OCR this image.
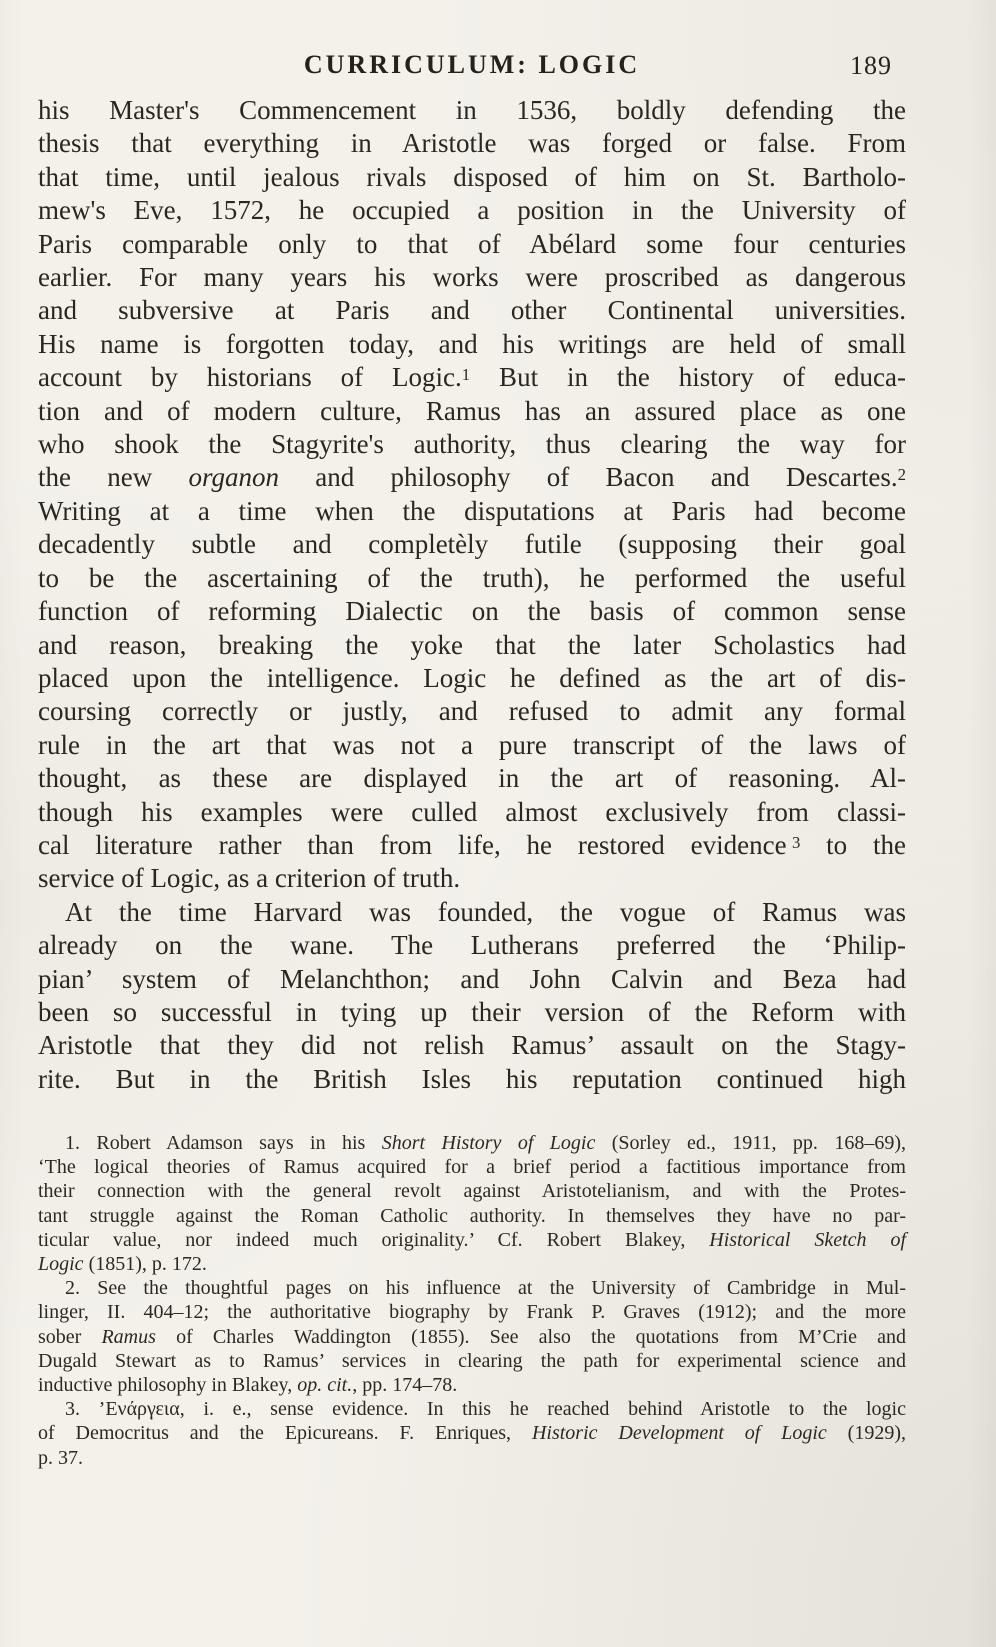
CURRICULUM: LOGIC	189
his Master's Commencement in 1536, boldly defending the
thesis that everything in Aristotle was forged or false. From
that time, until jealous rivals disposed of him on St. Bartholo-
mew's Eve, 1572, he occupied a position in the University of
Paris comparable only to that of Abélard some four centuries
earlier. For many years his works were proscribed as dangerous
and subversive at Paris and other Continental universities.
His name is forgotten today, and his writings are held of small
account by historians of Logic.$^1$ But in the history of educa-
tion and of modern culture, Ramus has an assured place as one
who shook the Stagyrite's authority, thus clearing the way for
the new organon and philosophy of Bacon and Descartes.$^2$
Writing at a time when the disputations at Paris had become
decadently subtle and completèly futile (supposing their goal
to be the ascertaining of the truth), he performed the useful
function of reforming Dialectic on the basis of common sense
and reason, breaking the yoke that the later Scholastics had
placed upon the intelligence. Logic he defined as the art of dis-
coursing correctly or justly, and refused to admit any formal
rule in the art that was not a pure transcript of the laws of
thought, as these are displayed in the art of reasoning. Al-
though his examples were culled almost exclusively from classi-
cal literature rather than from life, he restored evidence $^3$ to the
service of Logic, as a criterion of truth.
At the time Harvard was founded, the vogue of Ramus was
already on the wane. The Lutherans preferred the ‘Philip-
pian’ system of Melanchthon; and John Calvin and Beza had
been so successful in tying up their version of the Reform with
Aristotle that they did not relish Ramus’ assault on the Stagy-
rite. But in the British Isles his reputation continued high
1. Robert Adamson says in his Short History of Logic (Sorley ed., 1911, pp. 168–69),
‘The logical theories of Ramus acquired for a brief period a factitious importance from
their connection with the general revolt against Aristotelianism, and with the Protes-
tant struggle against the Roman Catholic authority. In themselves they have no par-
ticular value, nor indeed much originality.’ Cf. Robert Blakey, Historical Sketch of
Logic (1851), p. 172.
2. See the thoughtful pages on his influence at the University of Cambridge in Mul-
linger, II. 404–12; the authoritative biography by Frank P. Graves (1912); and the more
sober Ramus of Charles Waddington (1855). See also the quotations from M’Crie and
Dugald Stewart as to Ramus’ services in clearing the path for experimental science and
inductive philosophy in Blakey, op. cit., pp. 174–78.
3. ’Ενάργεια, i. e., sense evidence. In this he reached behind Aristotle to the logic
of Democritus and the Epicureans. F. Enriques, Historic Development of Logic (1929),
p. 37.
